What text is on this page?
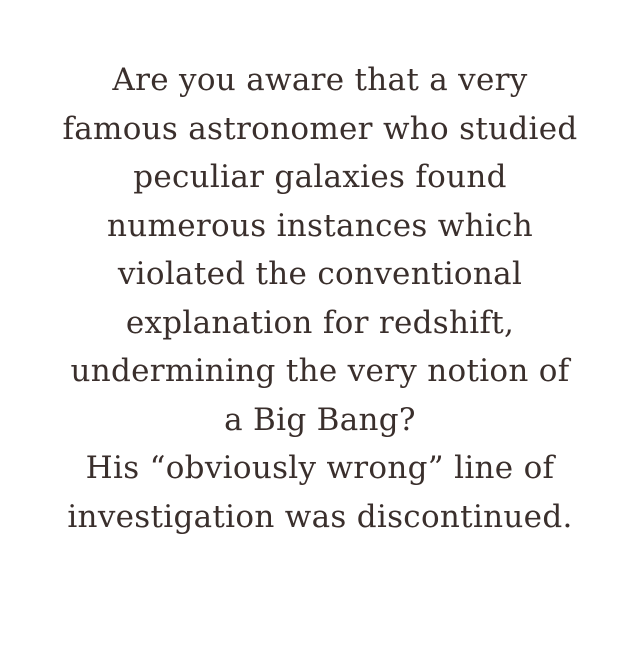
Are you aware that a very
famous astronomer who studied
peculiar galaxies found
numerous instances which
violated the conventional
explanation for redshift,
undermining the very notion of
a Big Bang?
His “obviously wrong” line of
investigation was discontinued.
